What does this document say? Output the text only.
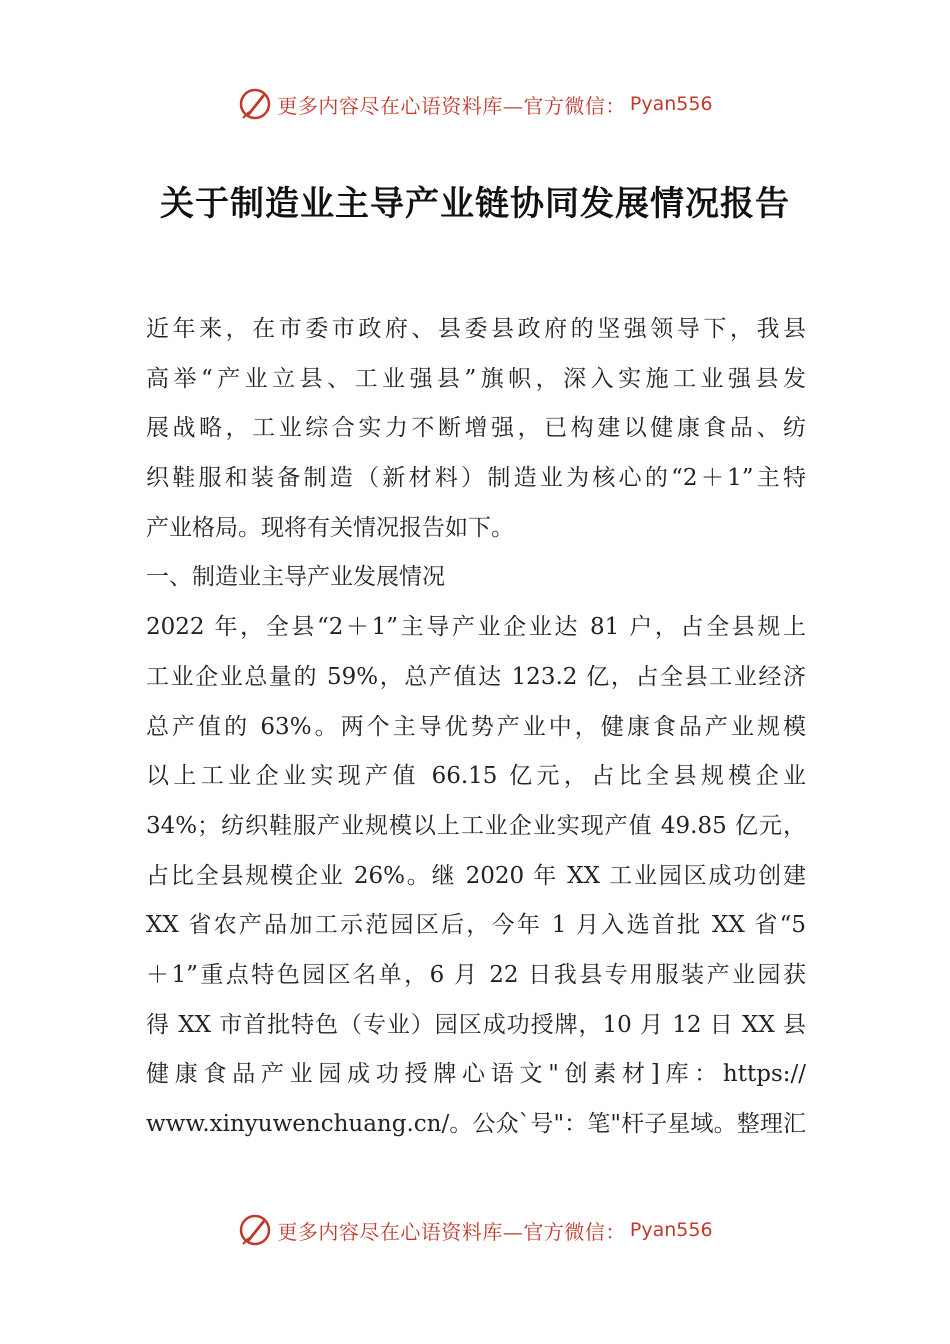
更多内容尽在心语资料库—官方微信： Pyan556
关于制造业主导产业链协同发展情况报告
近年来，在市委市政府、县委县政府的坚强领导下，我县
高举“产业立县、工业强县”旗帜，深入实施工业强县发
展战略，工业综合实力不断增强，已构建以健康食品、纺
织鞋服和装备制造（新材料）制造业为核心的“2＋1”主特
产业格局。现将有关情况报告如下。
一、制造业主导产业发展情况
2022 年，全县“2＋1”主导产业企业达 81 户，占全县规上
工业企业总量的 59%，总产值达 123.2 亿，占全县工业经济
总产值的 63%。两个主导优势产业中，健康食品产业规模
以上工业企业实现产值 66.15 亿元，占比全县规模企业
34%；纺织鞋服产业规模以上工业企业实现产值 49.85 亿元，
占比全县规模企业 26%。继 2020 年 XX 工业园区成功创建
XX 省农产品加工示范园区后，今年 1 月入选首批 XX 省“5
＋1”重点特色园区名单，6 月 22 日我县专用服装产业园获
得 XX 市首批特色（专业）园区成功授牌，10 月 12 日 XX 县
健康食品产业园成功授牌心语文"创素材]库：https://
www.xinyuwenchuang.cn/。公众`号"：笔"杆子星域。整理汇
更多内容尽在心语资料库—官方微信： Pyan556
